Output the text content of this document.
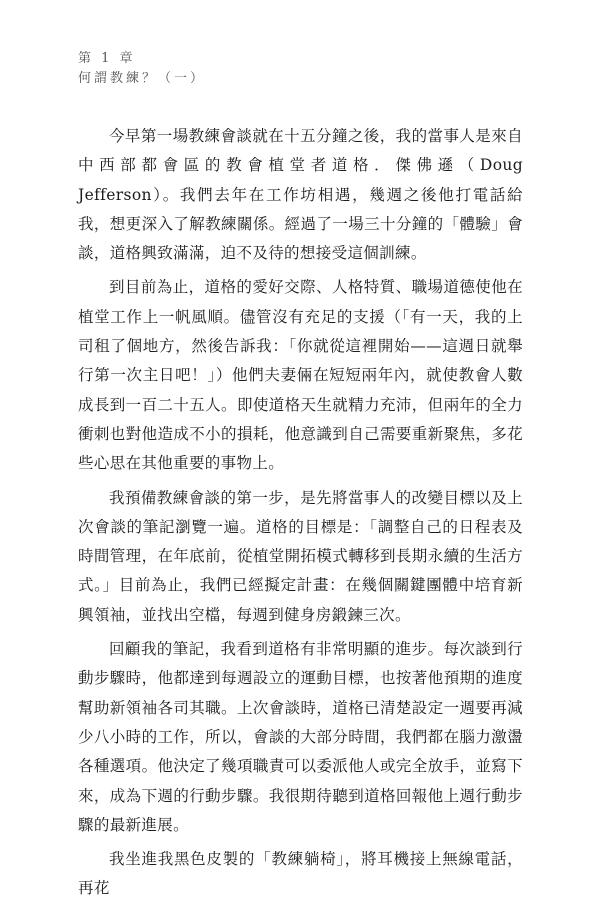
第 1 章
何謂教練？（一）

今早第一場教練會談就在十五分鐘之後，我的當事人是來自中西部都會區的教會植堂者道格．傑佛遜（Doug Jefferson）。我們去年在工作坊相遇，幾週之後他打電話給我，想更深入了解教練關係。經過了一場三十分鐘的「體驗」會談，道格興致滿滿，迫不及待的想接受這個訓練。

到目前為止，道格的愛好交際、人格特質、職場道德使他在植堂工作上一帆風順。儘管沒有充足的支援（「有一天，我的上司租了個地方，然後告訴我：「你就從這裡開始——這週日就舉行第一次主日吧！」）他們夫妻倆在短短兩年內，就使教會人數成長到一百二十五人。即使道格天生就精力充沛，但兩年的全力衝刺也對他造成不小的損耗，他意識到自己需要重新聚焦，多花些心思在其他重要的事物上。

我預備教練會談的第一步，是先將當事人的改變目標以及上次會談的筆記瀏覽一遍。道格的目標是：「調整自己的日程表及時間管理，在年底前，從植堂開拓模式轉移到長期永續的生活方式。」目前為止，我們已經擬定計畫：在幾個關鍵團體中培育新興領袖，並找出空檔，每週到健身房鍛鍊三次。

回顧我的筆記，我看到道格有非常明顯的進步。每次談到行動步驟時，他都達到每週設立的運動目標，也按著他預期的進度幫助新領袖各司其職。上次會談時，道格已清楚設定一週要再減少八小時的工作，所以，會談的大部分時間，我們都在腦力激盪各種選項。他決定了幾項職責可以委派他人或完全放手，並寫下來，成為下週的行動步驟。我很期待聽到道格回報他上週行動步驟的最新進展。

我坐進我黑色皮製的「教練躺椅」，將耳機接上無線電話，再花
